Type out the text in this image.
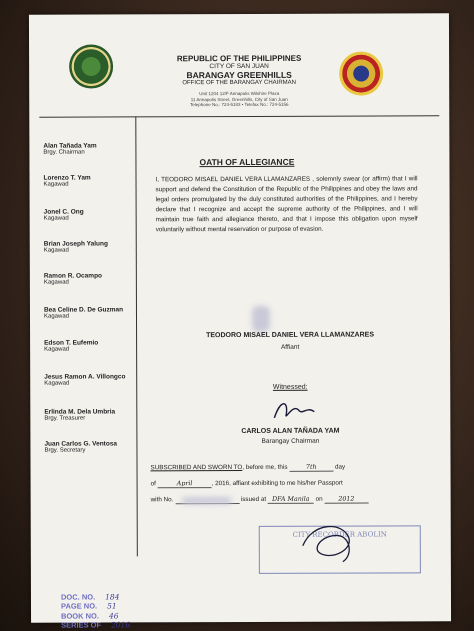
REPUBLIC OF THE PHILIPPINES
CITY OF SAN JUAN
BARANGAY GREENHILLS
OFFICE OF THE BARANGAY CHAIRMAN
Unit 1204 12/F Annapolis Wilshire Plaza
11 Annapolis Street, Greenhills, City of San Juan
Telephone No.: 724-5183 • Telefax No.: 724-5156
Alan Tañada Yam
Brgy. Chairman
Lorenzo T. Yam
Kagawad
Jonel C. Ong
Kagawad
Brian Joseph Yalung
Kagawad
Ramon R. Ocampo
Kagawad
Bea Celine D. De Guzman
Kagawad
Edson T. Eufemio
Kagawad
Jesus Ramon A. Villongco
Kagawad
Erlinda M. Dela Umbria
Brgy. Treasurer
Juan Carlos G. Ventosa
Brgy. Secretary
OATH OF ALLEGIANCE
I, TEODORO MISAEL DANIEL VERA LLAMANZARES , solemnly swear (or affirm) that I will support and defend the Constitution of the Republic of the Philippines and obey the laws and legal orders promulgated by the duly constituted authorities of the Philippines, and I hereby declare that I recognize and accept the supreme authority of the Philippines, and I will maintain true faith and allegiance thereto, and that I impose this obligation upon myself voluntarily without mental reservation or purpose of evasion.
TEODORO MISAEL DANIEL VERA LLAMANZARES
Affiant
Witnessed:
CARLOS ALAN TAÑADA YAM
Barangay Chairman
SUBSCRIBED AND SWORN TO, before me, this	7th	day
of	April	, 2016, affiant exhibiting to me his/her Passport
with No.	issued at DFA Manila on 2012
CITY RECORDER ABOLIN
DOC. NO. 184
PAGE NO. 51
BOOK NO. 46
SERIES OF 2016
